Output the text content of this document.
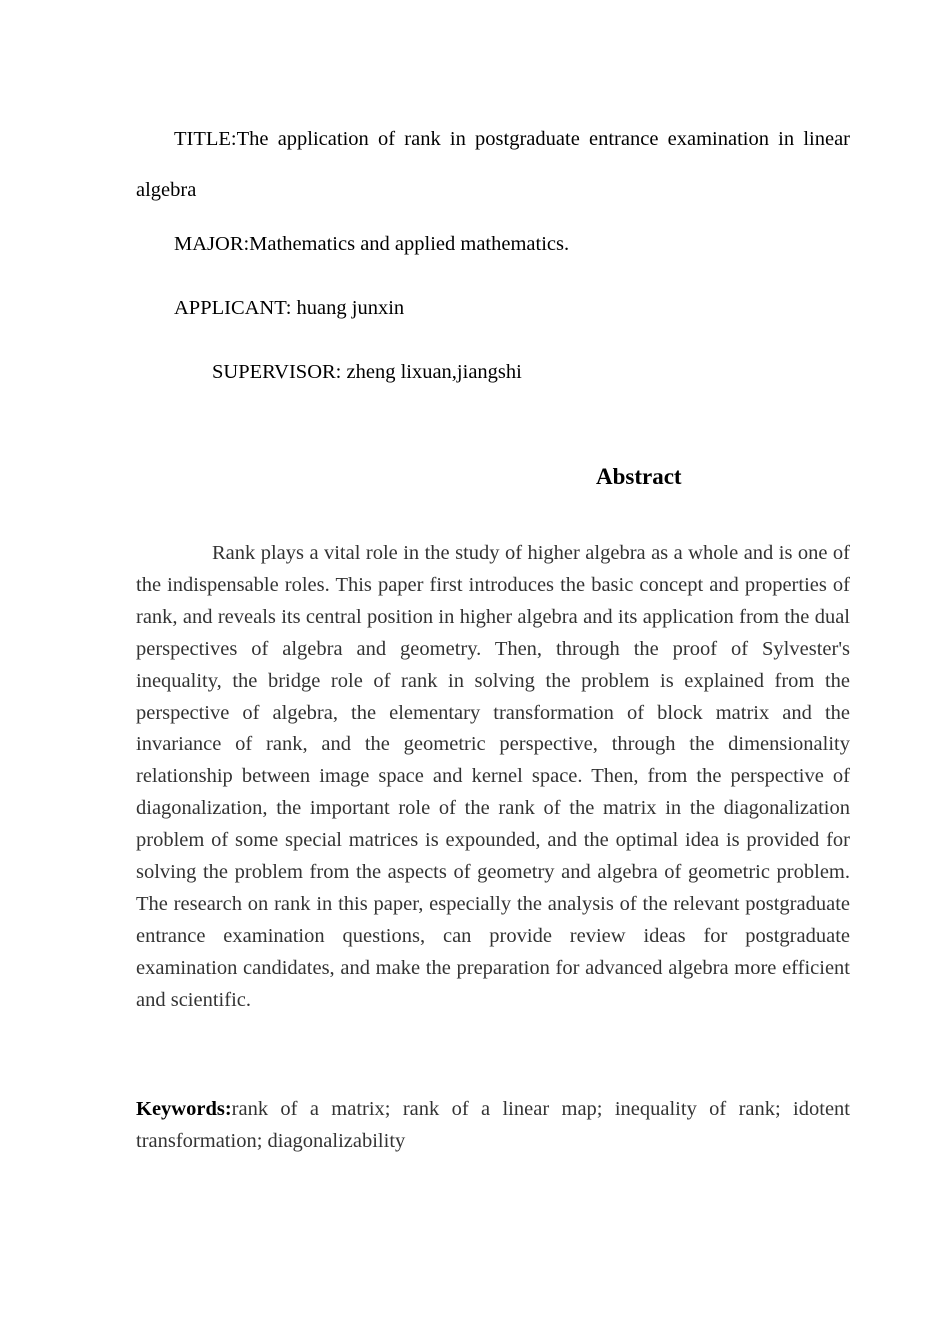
TITLE:The application of rank in postgraduate entrance examination in linear algebra
MAJOR:Mathematics and applied mathematics.
APPLICANT: huang junxin
SUPERVISOR: zheng lixuan,jiangshi
Abstract
Rank plays a vital role in the study of higher algebra as a whole and is one of the indispensable roles. This paper first introduces the basic concept and properties of rank, and reveals its central position in higher algebra and its application from the dual perspectives of algebra and geometry. Then, through the proof of Sylvester's inequality, the bridge role of rank in solving the problem is explained from the perspective of algebra, the elementary transformation of block matrix and the invariance of rank, and the geometric perspective, through the dimensionality relationship between image space and kernel space. Then, from the perspective of diagonalization, the important role of the rank of the matrix in the diagonalization problem of some special matrices is expounded, and the optimal idea is provided for solving the problem from the aspects of geometry and algebra of geometric problem. The research on rank in this paper, especially the analysis of the relevant postgraduate entrance examination questions, can provide review ideas for postgraduate examination candidates, and make the preparation for advanced algebra more efficient and scientific.
Keywords:rank of a matrix; rank of a linear map; inequality of rank; idotent transformation; diagonalizability
